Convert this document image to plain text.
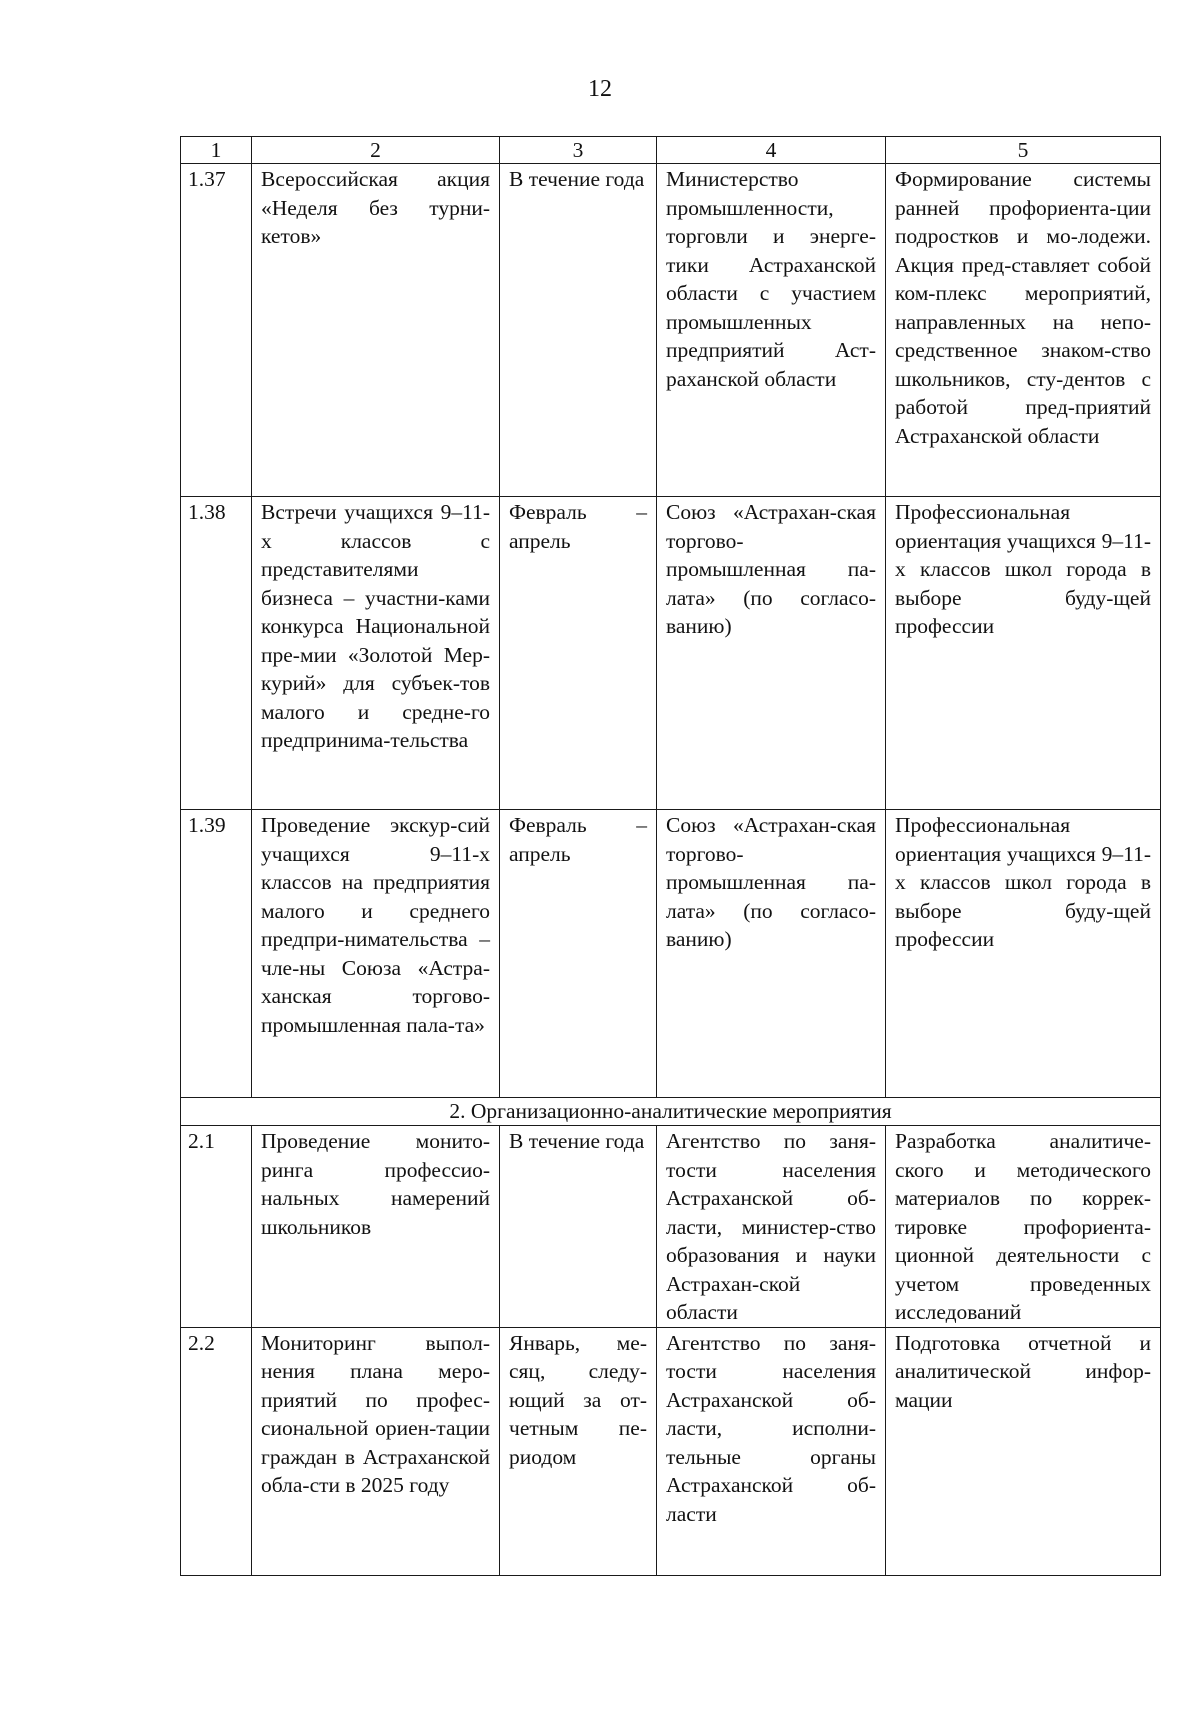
12
1	2	3	4	5
1.37	Всероссийская акция «Неделя без турни-кетов»	В течение года	Министерство промышленности, торговли и энерге-тики Астраханской области с участием промышленных предприятий Аст-раханской области	Формирование системы ранней профориента-ции подростков и мо-лодежи. Акция пред-ставляет собой ком-плекс мероприятий, направленных на непо-средственное знаком-ство школьников, сту-дентов с работой пред-приятий Астраханской области
1.38	Встречи учащихся 9–11-х классов с представителями бизнеса – участни-ками конкурса Национальной пре-мии «Золотой Мер-курий» для субъек-тов малого и средне-го предпринима-тельства	Февраль – апрель	Союз «Астрахан-ская торгово-промышленная па-лата» (по согласо-ванию)	Профессиональная ориентация учащихся 9–11-х классов школ города в выборе буду-щей профессии
1.39	Проведение экскур-сий учащихся 9–11-х классов на предприятия малого и среднего предпри-нимательства – чле-ны Союза «Астра-ханская торгово-промышленная пала-та»	Февраль – апрель	Союз «Астрахан-ская торгово-промышленная па-лата» (по согласо-ванию)	Профессиональная ориентация учащихся 9–11-х классов школ города в выборе буду-щей профессии
2. Организационно-аналитические мероприятия				
2.1	Проведение монито-ринга профессио-нальных намерений школьников	В течение года	Агентство по заня-тости населения Астраханской об-ласти, министер-ство образования и науки Астрахан-ской области	Разработка аналитиче-ского и методического материалов по коррек-тировке профориента-ционной деятельности с учетом проведенных исследований
2.2	Мониторинг выпол-нения плана меро-приятий по профес-сиональной ориен-тации граждан в Астраханской обла-сти в 2025 году	Январь, ме-сяц, следу-ющий за от-четным пе-риодом	Агентство по заня-тости населения Астраханской об-ласти, исполни-тельные органы Астраханской об-ласти	Подготовка отчетной и аналитической инфор-мации
